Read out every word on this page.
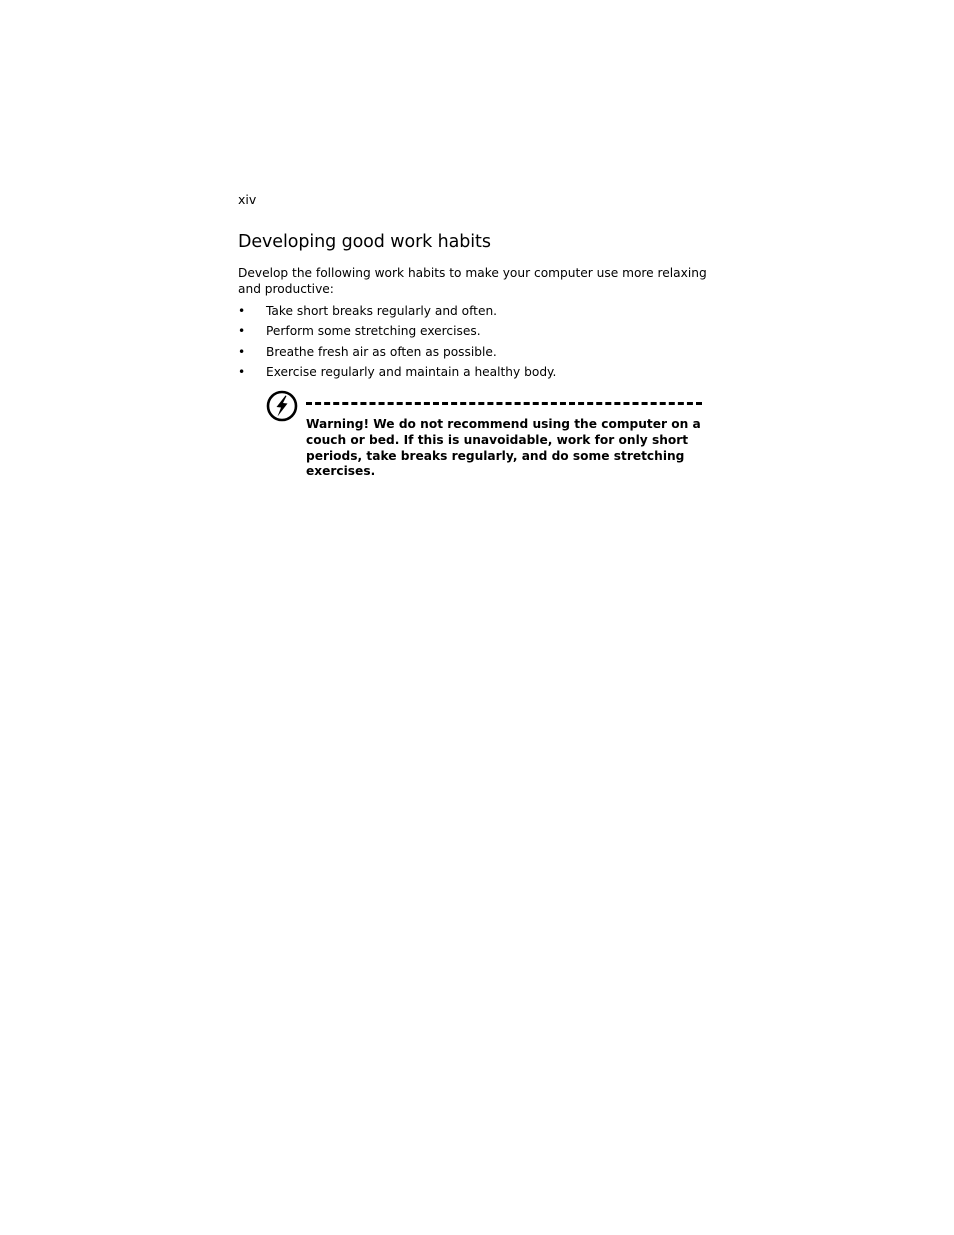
xiv
Developing good work habits

Develop the following work habits to make your computer use more relaxing and productive:

• Take short breaks regularly and often.
• Perform some stretching exercises.
• Breathe fresh air as often as possible.
• Exercise regularly and maintain a healthy body.

Warning! We do not recommend using the computer on a couch or bed. If this is unavoidable, work for only short periods, take breaks regularly, and do some stretching exercises.
